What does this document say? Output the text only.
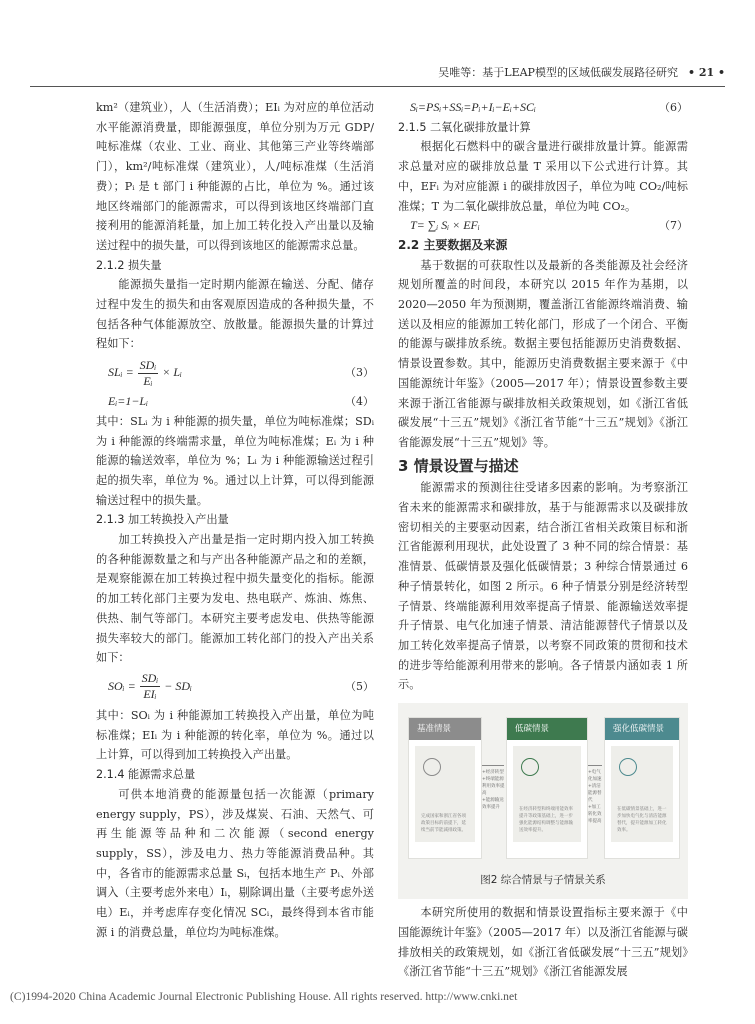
吴唯等：基于LEAP模型的区域低碳发展路径研究 • 21 •

km²（建筑业），人（生活消费）；EIᵢ 为对应的单位活动水平能源消费量，即能源强度，单位分别为万元 GDP/吨标准煤（农业、工业、商业、其他第三产业等终端部门），km²/吨标准煤（建筑业），人/吨标准煤（生活消费）；Pᵢ 是 t 部门 i 种能源的占比，单位为 %。通过该地区终端部门的能源需求，可以得到该地区终端部门直接利用的能源消耗量，加上加工转化投入产出量以及输送过程中的损失量，可以得到该地区的能源需求总量。

2.1.2 损失量

能源损失量指一定时期内能源在输送、分配、储存过程中发生的损失和由客观原因造成的各种损失量，不包括各种气体能源放空、放散量。能源损失量的计算过程如下：

SLᵢ =
SDᵢ
Eᵢ
× Lᵢ	（3）
Eᵢ=1−Lᵢ	（4）

其中：SLᵢ 为 i 种能源的损失量，单位为吨标准煤；SDᵢ 为 i 种能源的终端需求量，单位为吨标准煤；Eᵢ 为 i 种能源的输送效率，单位为 %；Lᵢ 为 i 种能源输送过程引起的损失率，单位为 %。通过以上计算，可以得到能源输送过程中的损失量。

2.1.3 加工转换投入产出量

加工转换投入产出量是指一定时期内投入加工转换的各种能源数量之和与产出各种能源产品之和的差额，是观察能源在加工转换过程中损失量变化的指标。能源的加工转化部门主要为发电、热电联产、炼油、炼焦、供热、制气等部门。本研究主要考虑发电、供热等能源损失率较大的部门。能源加工转化部门的投入产出关系如下：

SOᵢ =
SDᵢ
EIᵢ
− SDᵢ	（5）

其中：SOᵢ 为 i 种能源加工转换投入产出量，单位为吨标准煤；EIᵢ 为 i 种能源的转化率，单位为 %。通过以上计算，可以得到加工转换投入产出量。

2.1.4 能源需求总量

可供本地消费的能源量包括一次能源（primary energy supply，PS），涉及煤炭、石油、天然气、可再生能源等品种和二次能源（second energy supply，SS），涉及电力、热力等能源消费品种。其中，各省市的能源需求总量 Sᵢ，包括本地生产 Pᵢ、外部调入（主要考虑外来电）Iᵢ，剔除调出量（主要考虑外送电）Eᵢ，并考虑库存变化情况 SCᵢ，最终得到本省市能源 i 的消费总量，单位均为吨标准煤。

Sᵢ=PSᵢ+SSᵢ=Pᵢ+Iᵢ−Eᵢ+SCᵢ	（6）
2.1.5 二氧化碳排放量计算

根据化石燃料中的碳含量进行碳排放量计算。能源需求总量对应的碳排放总量 T 采用以下公式进行计算。其中，EFᵢ 为对应能源 i 的碳排放因子，单位为吨 CO₂/吨标准煤；T 为二氧化碳排放总量，单位为吨 CO₂。

T= ∑ᵢ Sᵢ × EFᵢ	（7）
2.2 主要数据及来源

基于数据的可获取性以及最新的各类能源及社会经济规划所覆盖的时间段，本研究以 2015 年作为基期，以 2020—2050 年为预测期，覆盖浙江省能源终端消费、输送以及相应的能源加工转化部门，形成了一个闭合、平衡的能源与碳排放系统。数据主要包括能源历史消费数据、情景设置参数。其中，能源历史消费数据主要来源于《中国能源统计年鉴》（2005—2017 年）；情景设置参数主要来源于浙江省能源与碳排放相关政策规划，如《浙江省低碳发展“十三五”规划》《浙江省节能“十三五”规划》《浙江省能源发展“十三五”规划》等。

3 情景设置与描述

能源需求的预测往往受诸多因素的影响。为考察浙江省未来的能源需求和碳排放，基于与能源需求以及碳排放密切相关的主要驱动因素，结合浙江省相关政策目标和浙江省能源利用现状，此处设置了 3 种不同的综合情景：基准情景、低碳情景及强化低碳情景；3 种综合情景通过 6 种子情景转化，如图 2 所示。6 种子情景分别是经济转型子情景、终端能源利用效率提高子情景、能源输送效率提升子情景、电气化加速子情景、清洁能源替代子情景以及加工转化效率提高子情景，以考察不同政策的贯彻和技术的进步等给能源利用带来的影响。各子情景内涵如表 1 所示。

基准情景
完成国家和浙江省各项政策目标的前提下，延续当前节能减排政策。
+经济转型
+终端能源利用效率提高
+能源输送效率提升
低碳情景
在经济转型和终端用能效率提升等政策基础上，进一步强化能源结构调整与能源输送效率提升。
+电气化加速
+清洁能源替代
+加工转化效率提高
强化低碳情景
在低碳情景基础上，进一步加快电气化与清洁能源替代，提升能源加工转化效率。
图2 综合情景与子情景关系

本研究所使用的数据和情景设置指标主要来源于《中国能源统计年鉴》（2005—2017 年）以及浙江省能源与碳排放相关的政策规划，如《浙江省低碳发展“十三五”规划》《浙江省节能“十三五”规划》《浙江省能源发展

(C)1994-2020 China Academic Journal Electronic Publishing House. All rights reserved. http://www.cnki.net
